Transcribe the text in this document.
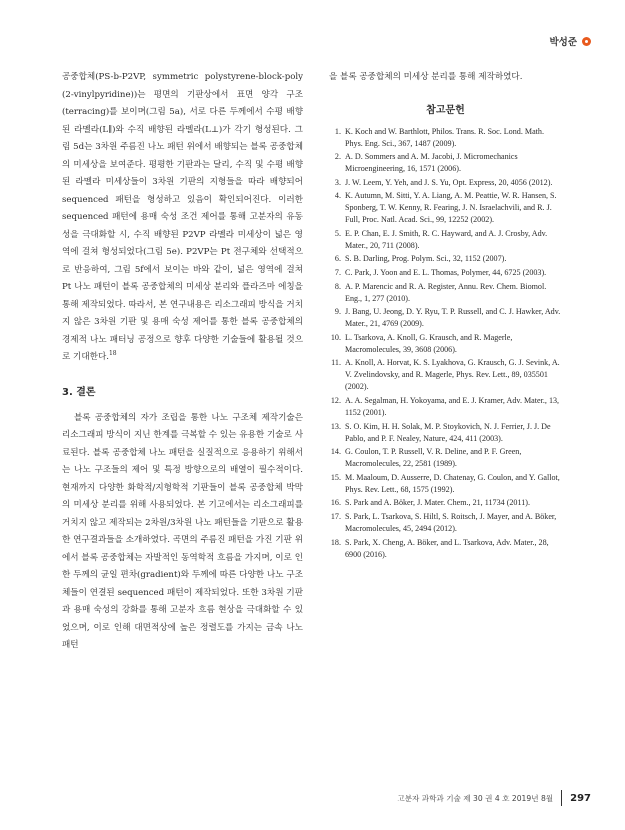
박성준

공중합체(PS-b-P2VP, symmetric polystyrene-block-poly (2-vinylpyridine))는 평면의 기판상에서 표면 양각 구조(terracing)를 보이며(그림 5a), 서로 다른 두께에서 수평 배향된 라멜라(L∥)와 수직 배향된 라멜라(L⊥)가 각기 형성된다. 그림 5d는 3차원 주름진 나노 패턴 위에서 배향되는 블록 공중합체의 미세상을 보여준다. 평평한 기판과는 달리, 수직 및 수평 배향된 라멜라 미세상들이 3차원 기판의 지형들을 따라 배향되어 sequenced 패턴을 형성하고 있음이 확인되어진다. 이러한 sequenced 패턴에 용매 숙성 조건 제어를 통해 고분자의 유동성을 극대화할 시, 수직 배향된 P2VP 라멜라 미세상이 넓은 영역에 걸쳐 형성되었다(그림 5e). P2VP는 Pt 전구체와 선택적으로 반응하여, 그림 5f에서 보이는 바와 같이, 넓은 영역에 걸쳐 Pt 나노 패턴이 블록 공중합체의 미세상 분리와 플라즈마 에칭을 통해 제작되었다. 따라서, 본 연구내용은 리소그래피 방식을 거치지 않은 3차원 기판 및 용매 숙성 제어를 통한 블록 공중합체의 경제적 나노 패터닝 공정으로 향후 다양한 기술들에 활용될 것으로 기대한다.$^{18}$

3. 결론

블록 공중합체의 자가 조립을 통한 나노 구조체 제작기술은 리소그래피 방식이 지닌 한계를 극복할 수 있는 유용한 기술로 사료된다. 블록 공중합체 나노 패턴을 실질적으로 응용하기 위해서는 나노 구조들의 제어 및 특정 방향으로의 배열이 필수적이다. 현재까지 다양한 화학적/지형학적 기판들이 블록 공중합체 박막의 미세상 분리를 위해 사용되었다. 본 기고에서는 리소그래피를 거치지 않고 제작되는 2차원/3차원 나노 패턴들을 기판으로 활용한 연구결과들을 소개하였다. 곡면의 주름진 패턴을 가진 기판 위에서 블록 공중합체는 자발적인 동역학적 흐름을 가지며, 이로 인한 두께의 균일 편차(gradient)와 두께에 따른 다양한 나노 구조체들이 연결된 sequenced 패턴이 제작되었다. 또한 3차원 기판과 용매 숙성의 강화를 통해 고분자 흐름 현상을 극대화할 수 있었으며, 이로 인해 대면적상에 높은 정렬도를 가지는 금속 나노 패턴

을 블록 공중합체의 미세상 분리를 통해 제작하였다.

참고문헌
1. K. Koch and W. Barthlott, Philos. Trans. R. Soc. Lond. Math. Phys. Eng. Sci., 367, 1487 (2009).
2. A. D. Sommers and A. M. Jacobi, J. Micromechanics Microengineering, 16, 1571 (2006).
3. J. W. Leem, Y. Yeh, and J. S. Yu, Opt. Express, 20, 4056 (2012).
4. K. Autumn, M. Sitti, Y. A. Liang, A. M. Peattie, W. R. Hansen, S. Sponberg, T. W. Kenny, R. Fearing, J. N. Israelachvili, and R. J. Full, Proc. Natl. Acad. Sci., 99, 12252 (2002).
5. E. P. Chan, E. J. Smith, R. C. Hayward, and A. J. Crosby, Adv. Mater., 20, 711 (2008).
6. S. B. Darling, Prog. Polym. Sci., 32, 1152 (2007).
7. C. Park, J. Yoon and E. L. Thomas, Polymer, 44, 6725 (2003).
8. A. P. Marencic and R. A. Register, Annu. Rev. Chem. Biomol. Eng., 1, 277 (2010).
9. J. Bang, U. Jeong, D. Y. Ryu, T. P. Russell, and C. J. Hawker, Adv. Mater., 21, 4769 (2009).
10. L. Tsarkova, A. Knoll, G. Krausch, and R. Magerle, Macromolecules, 39, 3608 (2006).
11. A. Knoll, A. Horvat, K. S. Lyakhova, G. Krausch, G. J. Sevink, A. V. Zvelindovsky, and R. Magerle, Phys. Rev. Lett., 89, 035501 (2002).
12. A. A. Segalman, H. Yokoyama, and E. J. Kramer, Adv. Mater., 13, 1152 (2001).
13. S. O. Kim, H. H. Solak, M. P. Stoykovich, N. J. Ferrier, J. J. De Pablo, and P. F. Nealey, Nature, 424, 411 (2003).
14. G. Coulon, T. P. Russell, V. R. Deline, and P. F. Green, Macromolecules, 22, 2581 (1989).
15. M. Maaloum, D. Ausserre, D. Chatenay, G. Coulon, and Y. Gallot, Phys. Rev. Lett., 68, 1575 (1992).
16. S. Park and A. Böker, J. Mater. Chem., 21, 11734 (2011).
17. S. Park, L. Tsarkova, S. Hiltl, S. Roitsch, J. Mayer, and A. Böker, Macromolecules, 45, 2494 (2012).
18. S. Park, X. Cheng, A. Böker, and L. Tsarkova, Adv. Mater., 28, 6900 (2016).
고분자 과학과 기술 제 30 권 4 호 2019년 8월 297
